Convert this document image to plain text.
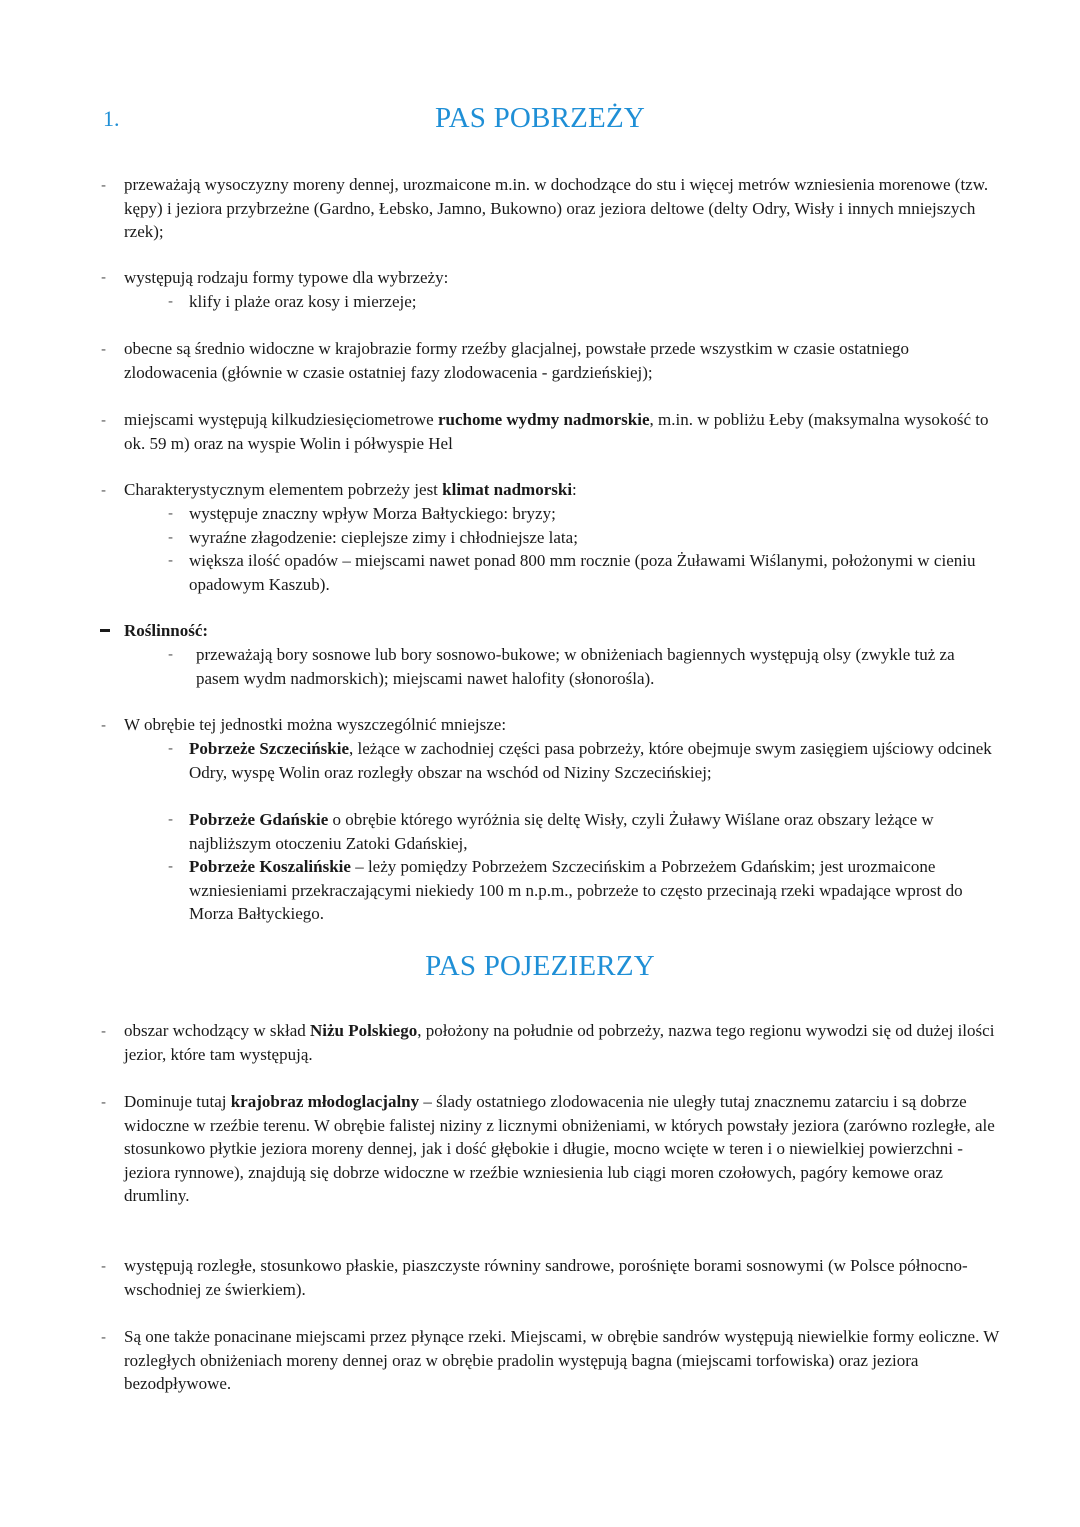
1.	PAS POBRZEŻY
- przeważają wysoczyzny moreny dennej, urozmaicone m.in. w dochodzące do stu i więcej metrów wzniesienia morenowe (tzw. kępy) i jeziora przybrzeżne (Gardno, Łebsko, Jamno, Bukowno) oraz jeziora deltowe (delty Odry, Wisły i innych mniejszych rzek);
- występują rodzaju formy typowe dla wybrzeży:
- klify i plaże oraz kosy i mierzeje;
- obecne są średnio widoczne w krajobrazie formy rzeźby glacjalnej, powstałe przede wszystkim w czasie ostatniego zlodowacenia (głównie w czasie ostatniej fazy zlodowacenia - gardzieńskiej);
- miejscami występują kilkudziesięciometrowe ruchome wydmy nadmorskie, m.in. w pobliżu Łeby (maksymalna wysokość to ok. 59 m) oraz na wyspie Wolin i półwyspie Hel
- Charakterystycznym elementem pobrzeży jest klimat nadmorski:
- występuje znaczny wpływ Morza Bałtyckiego: bryzy;
- wyraźne złagodzenie: cieplejsze zimy i chłodniejsze lata;
- większa ilość opadów – miejscami nawet ponad 800 mm rocznie (poza Żuławami Wiślanymi, położonymi w cieniu opadowym Kaszub).
Roślinność:
- przeważają bory sosnowe lub bory sosnowo-bukowe; w obniżeniach bagiennych występują olsy (zwykle tuż za pasem wydm nadmorskich); miejscami nawet halofity (słonorośla).
- W obrębie tej jednostki można wyszczególnić mniejsze:
- Pobrzeże Szczecińskie, leżące w zachodniej części pasa pobrzeży, które obejmuje swym zasięgiem ujściowy odcinek Odry, wyspę Wolin oraz rozległy obszar na wschód od Niziny Szczecińskiej;
- Pobrzeże Gdańskie o obrębie którego wyróżnia się deltę Wisły, czyli Żuławy Wiślane oraz obszary leżące w najbliższym otoczeniu Zatoki Gdańskiej,
- Pobrzeże Koszalińskie – leży pomiędzy Pobrzeżem Szczecińskim a Pobrzeżem Gdańskim; jest urozmaicone wzniesieniami przekraczającymi niekiedy 100 m n.p.m., pobrzeże to często przecinają rzeki wpadające wprost do Morza Bałtyckiego.
PAS POJEZIERZY
- obszar wchodzący w skład Niżu Polskiego, położony na południe od pobrzeży, nazwa tego regionu wywodzi się od dużej ilości jezior, które tam występują.
- Dominuje tutaj krajobraz młodoglacjalny – ślady ostatniego zlodowacenia nie uległy tutaj znacznemu zatarciu i są dobrze widoczne w rzeźbie terenu. W obrębie falistej niziny z licznymi obniżeniami, w których powstały jeziora (zarówno rozległe, ale stosunkowo płytkie jeziora moreny dennej, jak i dość głębokie i długie, mocno wcięte w teren i o niewielkiej powierzchni - jeziora rynnowe), znajdują się dobrze widoczne w rzeźbie wzniesienia lub ciągi moren czołowych, pagóry kemowe oraz drumliny.
- występują rozległe, stosunkowo płaskie, piaszczyste równiny sandrowe, porośnięte borami sosnowymi (w Polsce północno-wschodniej ze świerkiem).
- Są one także ponacinane miejscami przez płynące rzeki. Miejscami, w obrębie sandrów występują niewielkie formy eoliczne. W rozległych obniżeniach moreny dennej oraz w obrębie pradolin występują bagna (miejscami torfowiska) oraz jeziora bezodpływowe.
